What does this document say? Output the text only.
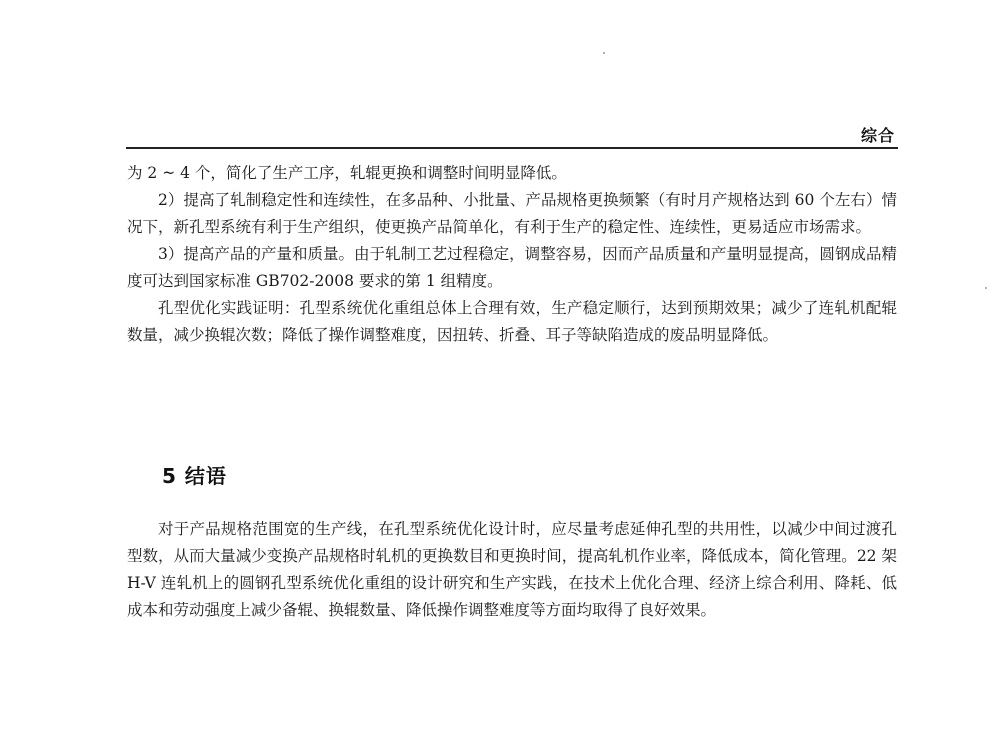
综合

为 2 ~ 4 个，简化了生产工序，轧辊更换和调整时间明显降低。

2）提高了轧制稳定性和连续性，在多品种、小批量、产品规格更换频繁（有时月产规格达到 60 个左右）情况下，新孔型系统有利于生产组织，使更换产品简单化，有利于生产的稳定性、连续性，更易适应市场需求。

3）提高产品的产量和质量。由于轧制工艺过程稳定，调整容易，因而产品质量和产量明显提高，圆钢成品精度可达到国家标准 GB702-2008 要求的第 1 组精度。

孔型优化实践证明：孔型系统优化重组总体上合理有效，生产稳定顺行，达到预期效果；减少了连轧机配辊数量，减少换辊次数；降低了操作调整难度，因扭转、折叠、耳子等缺陷造成的废品明显降低。

5 结语

对于产品规格范围宽的生产线，在孔型系统优化设计时，应尽量考虑延伸孔型的共用性，以减少中间过渡孔型数，从而大量减少变换产品规格时轧机的更换数目和更换时间，提高轧机作业率，降低成本，简化管理。22 架 H-V 连轧机上的圆钢孔型系统优化重组的设计研究和生产实践，在技术上优化合理、经济上综合利用、降耗、低成本和劳动强度上减少备辊、换辊数量、降低操作调整难度等方面均取得了良好效果。
